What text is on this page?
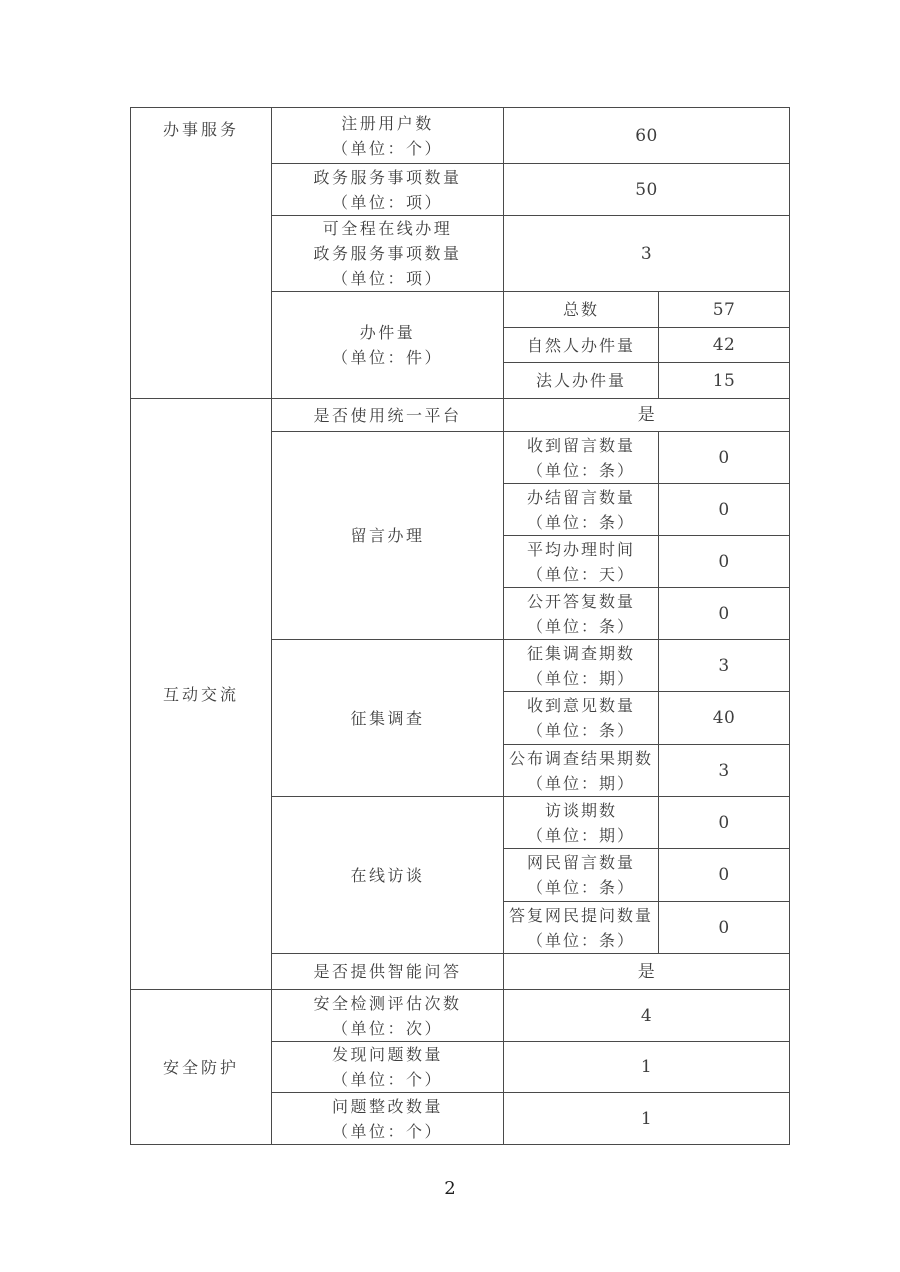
办事服务	注册用户数
（单位：个）	60	

	政务服务事项数量
（单位：项）	50	

	可全程在线办理
政务服务事项数量
（单位：项）	3	

	办件量
（单位：件）	总数	57

		自然人办件量	42

		法人办件量	15

互动交流	是否使用统一平台	是	

	留言办理	收到留言数量
（单位：条）	0

		办结留言数量
（单位：条）	0

		平均办理时间
（单位：天）	0

		公开答复数量
（单位：条）	0

	征集调查	征集调查期数
（单位：期）	3

		收到意见数量
（单位：条）	40

		公布调查结果期数
（单位：期）	3

	在线访谈	访谈期数
（单位：期）	0

		网民留言数量
（单位：条）	0

		答复网民提问数量
（单位：条）	0

	是否提供智能问答	是	

安全防护	安全检测评估次数
（单位：次）	4	

	发现问题数量
（单位：个）	1	

	问题整改数量
（单位：个）	1	
2
